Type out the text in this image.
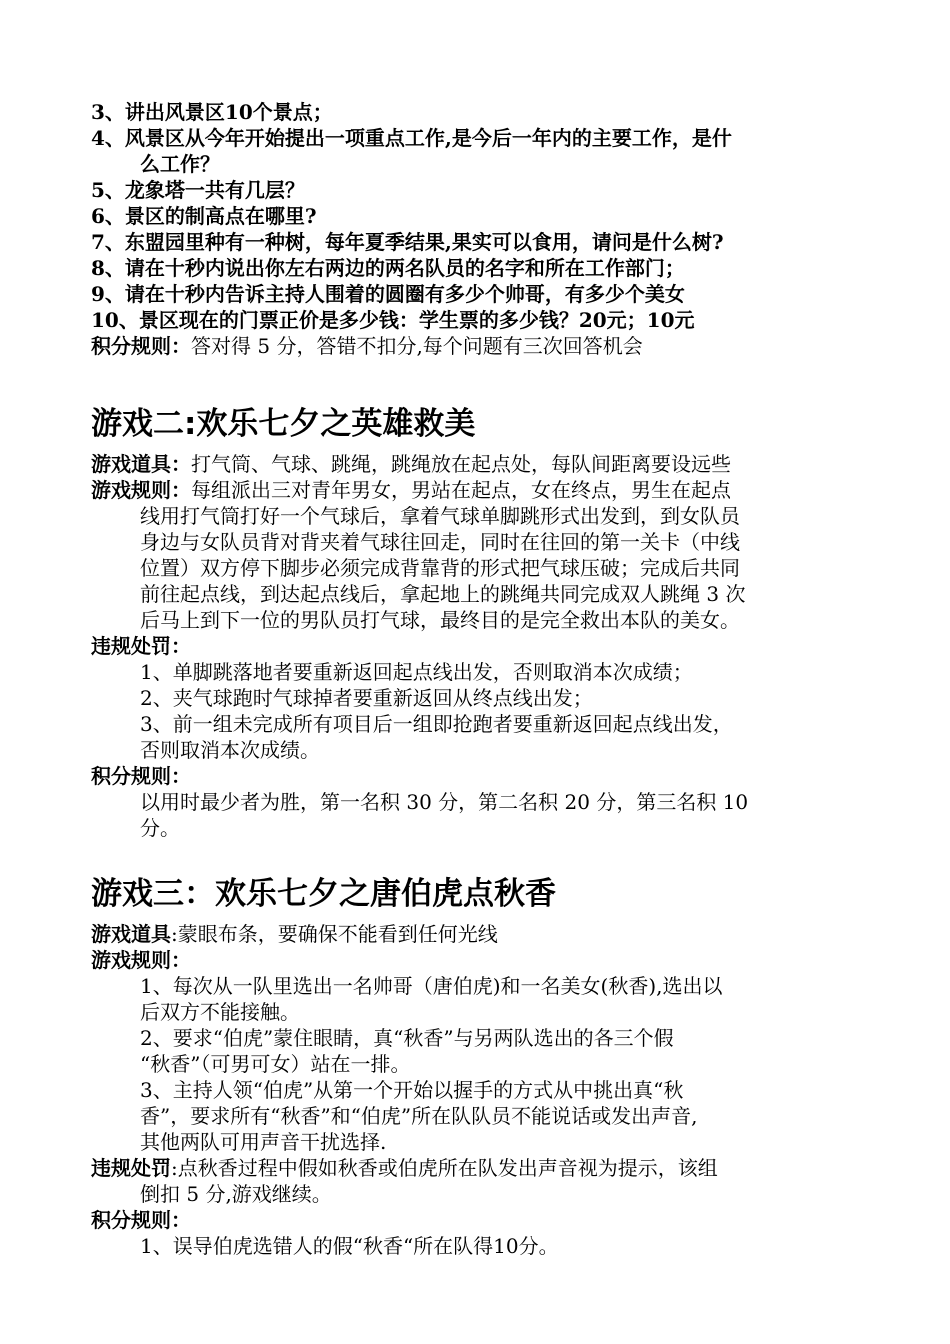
3、讲出风景区10个景点；
4、风景区从今年开始提出一项重点工作,是今后一年内的主要工作，是什
么工作？
5、龙象塔一共有几层？
6、景区的制高点在哪里?
7、东盟园里种有一种树，每年夏季结果,果实可以食用，请问是什么树?
8、请在十秒内说出你左右两边的两名队员的名字和所在工作部门；
9、请在十秒内告诉主持人围着的圆圈有多少个帅哥，有多少个美女
10、景区现在的门票正价是多少钱：学生票的多少钱？20元；10元
积分规则：答对得 5 分，答错不扣分,每个问题有三次回答机会
游戏二:欢乐七夕之英雄救美
游戏道具：打气筒、气球、跳绳，跳绳放在起点处，每队间距离要设远些
游戏规则：每组派出三对青年男女，男站在起点，女在终点，男生在起点
线用打气筒打好一个气球后，拿着气球单脚跳形式出发到，到女队员
身边与女队员背对背夹着气球往回走，同时在往回的第一关卡（中线
位置）双方停下脚步必须完成背靠背的形式把气球压破；完成后共同
前往起点线，到达起点线后，拿起地上的跳绳共同完成双人跳绳 3 次
后马上到下一位的男队员打气球，最终目的是完全救出本队的美女。
违规处罚：
1、单脚跳落地者要重新返回起点线出发，否则取消本次成绩；
2、夹气球跑时气球掉者要重新返回从终点线出发；
3、前一组未完成所有项目后一组即抢跑者要重新返回起点线出发，
否则取消本次成绩。
积分规则：
以用时最少者为胜，第一名积 30 分，第二名积 20 分，第三名积 10
分。
游戏三：欢乐七夕之唐伯虎点秋香
游戏道具:蒙眼布条，要确保不能看到任何光线
游戏规则：
1、每次从一队里选出一名帅哥（唐伯虎)和一名美女(秋香),选出以
后双方不能接触。
2、要求“伯虎”蒙住眼睛，真“秋香”与另两队选出的各三个假
“秋香”（可男可女）站在一排。
3、主持人领“伯虎”从第一个开始以握手的方式从中挑出真“秋
香”，要求所有“秋香”和“伯虎”所在队队员不能说话或发出声音,
其他两队可用声音干扰选择.
违规处罚:点秋香过程中假如秋香或伯虎所在队发出声音视为提示，该组
倒扣 5 分,游戏继续。
积分规则：
1、误导伯虎选错人的假“秋香“所在队得10分。
